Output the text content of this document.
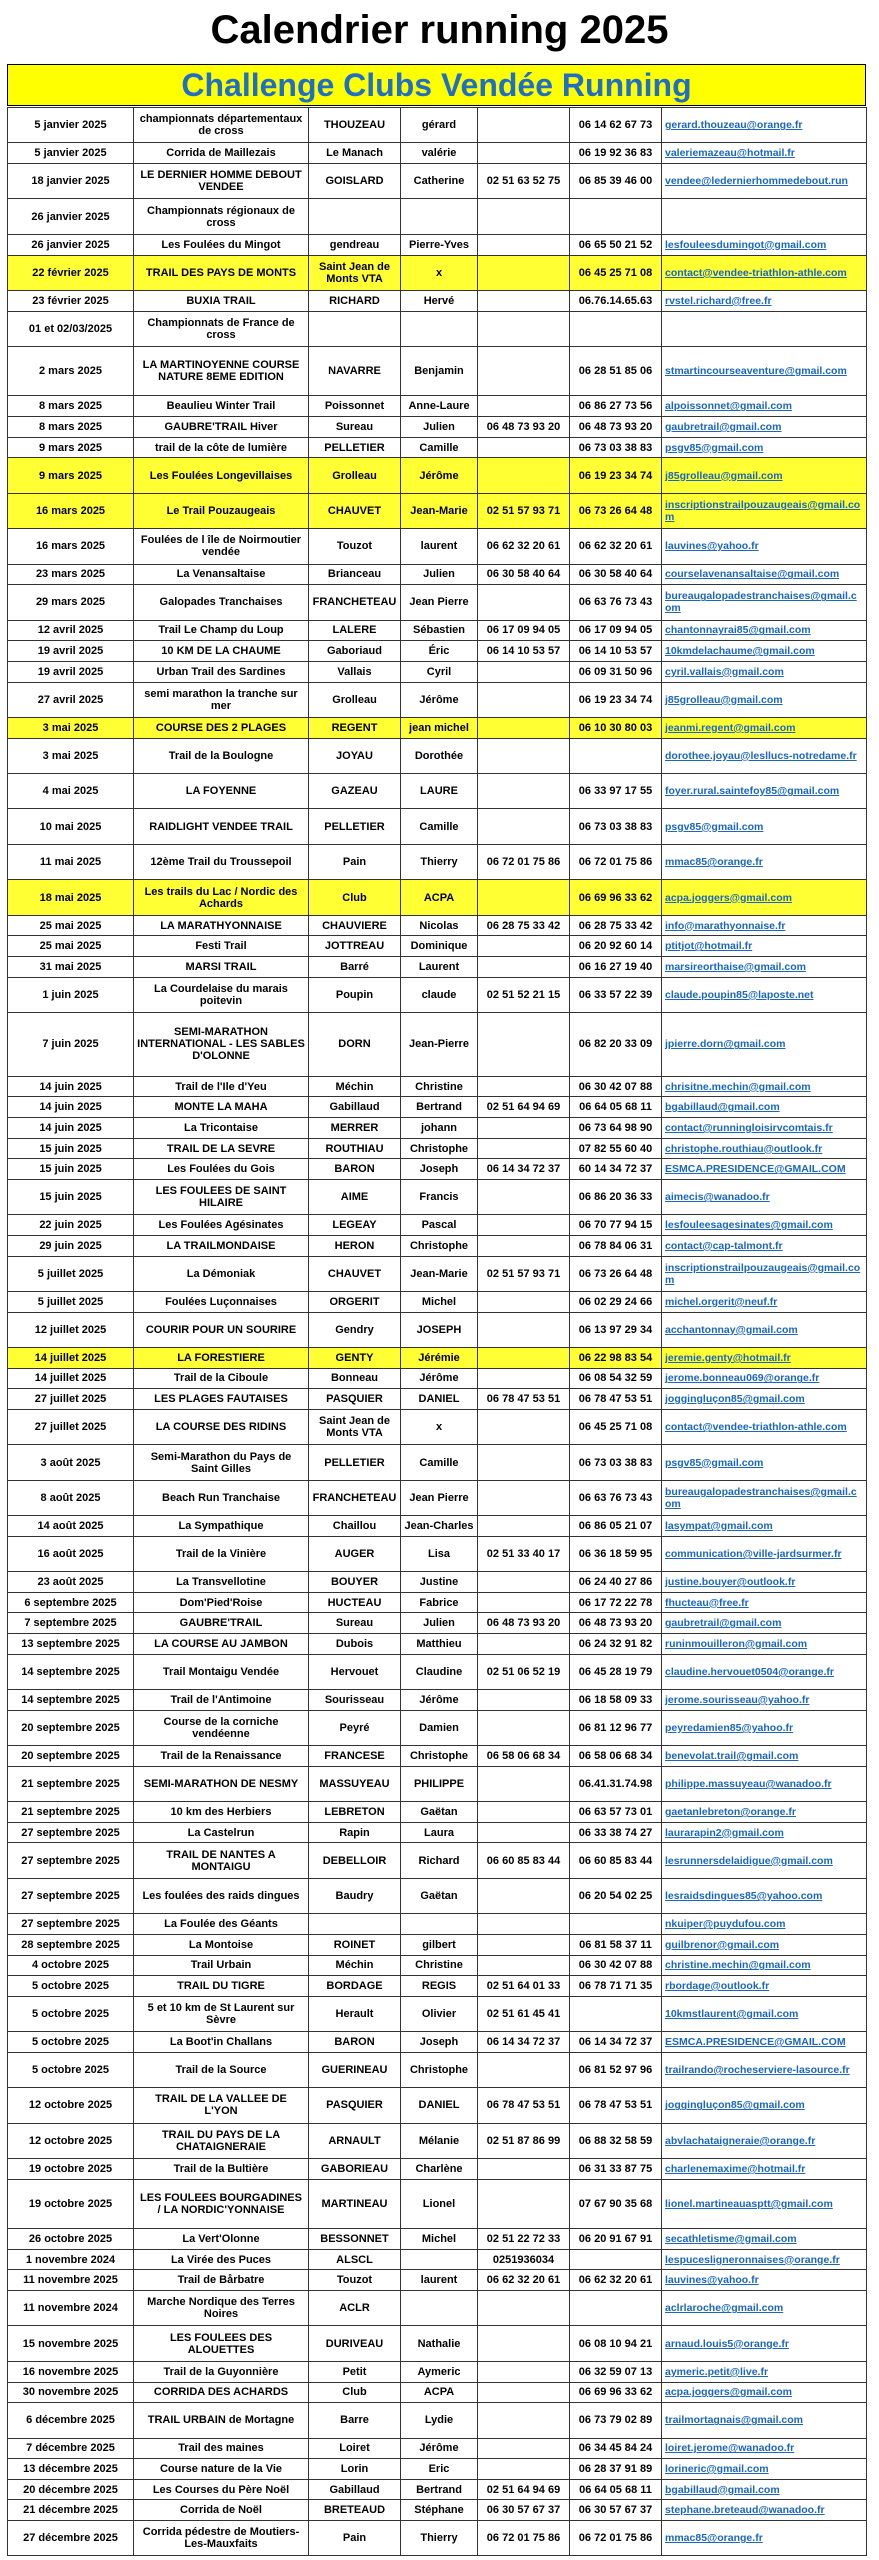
Calendrier running 2025
Challenge Clubs Vendée Running
5 janvier 2025	championnats départementaux de cross	THOUZEAU	gérard		06 14 62 67 73	gerard.thouzeau@orange.fr
5 janvier 2025	Corrida de Maillezais	Le Manach	valérie		06 19 92 36 83	valeriemazeau@hotmail.fr
18 janvier 2025	LE DERNIER HOMME DEBOUT VENDEE	GOISLARD	Catherine	02 51 63 52 75	06 85 39 46 00	vendee@ledernierhommedebout.run
26 janvier 2025	Championnats régionaux de cross					
26 janvier 2025	Les Foulées du Mingot	gendreau	Pierre-Yves		06 65 50 21 52	lesfouleesdumingot@gmail.com
22 février 2025	TRAIL DES PAYS DE MONTS	Saint Jean de Monts VTA	x		06 45 25 71 08	contact@vendee-triathlon-athle.com
23 février 2025	BUXIA TRAIL	RICHARD	Hervé		06.76.14.65.63	rvstel.richard@free.fr
01 et 02/03/2025	Championnats de France de cross					
2 mars 2025	LA MARTINOYENNE COURSE NATURE 8EME EDITION	NAVARRE	Benjamin		06 28 51 85 06	stmartincourseaventure@gmail.com
8 mars 2025	Beaulieu Winter Trail	Poissonnet	Anne-Laure		06 86 27 73 56	alpoissonnet@gmail.com
8 mars 2025	GAUBRE'TRAIL Hiver	Sureau	Julien	06 48 73 93 20	06 48 73 93 20	gaubretrail@gmail.com
9 mars 2025	trail de la côte de lumière	PELLETIER	Camille		06 73 03 38 83	psgv85@gmail.com
9 mars 2025	Les Foulées Longevillaises	Grolleau	Jérôme		06 19 23 34 74	j85grolleau@gmail.com
16 mars 2025	Le Trail Pouzaugeais	CHAUVET	Jean-Marie	02 51 57 93 71	06 73 26 64 48	inscriptionstrailpouzaugeais@gmail.com
16 mars 2025	Foulées de l île de Noirmoutier vendée	Touzot	laurent	06 62 32 20 61	06 62 32 20 61	lauvines@yahoo.fr
23 mars 2025	La Venansaltaise	Brianceau	Julien	06 30 58 40 64	06 30 58 40 64	courselavenansaltaise@gmail.com
29 mars 2025	Galopades Tranchaises	FRANCHETEAU	Jean Pierre		06 63 76 73 43	bureaugalopadestranchaises@gmail.com
12 avril 2025	Trail Le Champ du Loup	LALERE	Sébastien	06 17 09 94 05	06 17 09 94 05	chantonnayrai85@gmail.com
19 avril 2025	10 KM DE LA CHAUME	Gaboriaud	Éric	06 14 10 53 57	06 14 10 53 57	10kmdelachaume@gmail.com
19 avril 2025	Urban Trail des Sardines	Vallais	Cyril		06 09 31 50 96	cyril.vallais@gmail.com
27 avril 2025	semi marathon la tranche sur mer	Grolleau	Jérôme		06 19 23 34 74	j85grolleau@gmail.com
3 mai 2025	COURSE DES 2 PLAGES	REGENT	jean michel		06 10 30 80 03	jeanmi.regent@gmail.com
3 mai 2025	Trail de la Boulogne	JOYAU	Dorothée			dorothee.joyau@lesllucs-notredame.fr
4 mai 2025	LA FOYENNE	GAZEAU	LAURE		06 33 97 17 55	foyer.rural.saintefoy85@gmail.com
10 mai 2025	RAIDLIGHT VENDEE TRAIL	PELLETIER	Camille		06 73 03 38 83	psgv85@gmail.com
11 mai 2025	12ème Trail du Troussepoil	Pain	Thierry	06 72 01 75 86	06 72 01 75 86	mmac85@orange.fr
18 mai 2025	Les trails du Lac / Nordic des Achards	Club	ACPA		06 69 96 33 62	acpa.joggers@gmail.com
25 mai 2025	LA MARATHYONNAISE	CHAUVIERE	Nicolas	06 28 75 33 42	06 28 75 33 42	info@marathyonnaise.fr
25 mai 2025	Festi Trail	JOTTREAU	Dominique		06 20 92 60 14	ptitjot@hotmail.fr
31 mai 2025	MARSI TRAIL	Barré	Laurent		06 16 27 19 40	marsireorthaise@gmail.com
1 juin 2025	La Courdelaise du marais poitevin	Poupin	claude	02 51 52 21 15	06 33 57 22 39	claude.poupin85@laposte.net
7 juin 2025	SEMI-MARATHON INTERNATIONAL - LES SABLES D'OLONNE	DORN	Jean-Pierre		06 82 20 33 09	jpierre.dorn@gmail.com
14 juin 2025	Trail de l'Ile d'Yeu	Méchin	Christine		06 30 42 07 88	chrisitne.mechin@gmail.com
14 juin 2025	MONTE LA MAHA	Gabillaud	Bertrand	02 51 64 94 69	06 64 05 68 11	bgabillaud@gmail.com
14 juin 2025	La Tricontaise	MERRER	johann		06 73 64 98 90	contact@runningloisirvcomtais.fr
15 juin 2025	TRAIL DE LA SEVRE	ROUTHIAU	Christophe		07 82 55 60 40	christophe.routhiau@outlook.fr
15 juin 2025	Les Foulées du Gois	BARON	Joseph	06 14 34 72 37	60 14 34 72 37	ESMCA.PRESIDENCE@GMAIL.COM
15 juin 2025	LES FOULEES DE SAINT HILAIRE	AIME	Francis		06 86 20 36 33	aimecis@wanadoo.fr
22 juin 2025	Les Foulées Agésinates	LEGEAY	Pascal		06 70 77 94 15	lesfouleesagesinates@gmail.com
29 juin 2025	LA TRAILMONDAISE	HERON	Christophe		06 78 84 06 31	contact@cap-talmont.fr
5 juillet 2025	La Démoniak	CHAUVET	Jean-Marie	02 51 57 93 71	06 73 26 64 48	inscriptionstrailpouzaugeais@gmail.com
5 juillet 2025	Foulées Luçonnaises	ORGERIT	Michel		06 02 29 24 66	michel.orgerit@neuf.fr
12 juillet 2025	COURIR POUR UN SOURIRE	Gendry	JOSEPH		06 13 97 29 34	acchantonnay@gmail.com
14 juillet 2025	LA FORESTIERE	GENTY	Jérémie		06 22 98 83 54	jeremie.genty@hotmail.fr
14 juillet 2025	Trail de la Ciboule	Bonneau	Jérôme		06 08 54 32 59	jerome.bonneau069@orange.fr
27 juillet 2025	LES PLAGES FAUTAISES	PASQUIER	DANIEL	06 78 47 53 51	06 78 47 53 51	joggingluçon85@gmail.com
27 juillet 2025	LA COURSE DES RIDINS	Saint Jean de Monts VTA	x		06 45 25 71 08	contact@vendee-triathlon-athle.com
3 août 2025	Semi-Marathon du Pays de Saint Gilles	PELLETIER	Camille		06 73 03 38 83	psgv85@gmail.com
8 août 2025	Beach Run Tranchaise	FRANCHETEAU	Jean Pierre		06 63 76 73 43	bureaugalopadestranchaises@gmail.com
14 août 2025	La Sympathique	Chaillou	Jean-Charles		06 86 05 21 07	lasympat@gmail.com
16 août 2025	Trail de la Vinière	AUGER	Lisa	02 51 33 40 17	06 36 18 59 95	communication@ville-jardsurmer.fr
23 août 2025	La Transvellotine	BOUYER	Justine		06 24 40 27 86	justine.bouyer@outlook.fr
6 septembre 2025	Dom'Pied'Roise	HUCTEAU	Fabrice		06 17 72 22 78	fhucteau@free.fr
7 septembre 2025	GAUBRE'TRAIL	Sureau	Julien	06 48 73 93 20	06 48 73 93 20	gaubretrail@gmail.com
13 septembre 2025	LA COURSE AU JAMBON	Dubois	Matthieu		06 24 32 91 82	runinmouilleron@gmail.com
14 septembre 2025	Trail Montaigu Vendée	Hervouet	Claudine	02 51 06 52 19	06 45 28 19 79	claudine.hervouet0504@orange.fr
14 septembre 2025	Trail de l'Antimoine	Sourisseau	Jérôme		06 18 58 09 33	jerome.sourisseau@yahoo.fr
20 septembre 2025	Course de la corniche vendéenne	Peyré	Damien		06 81 12 96 77	peyredamien85@yahoo.fr
20 septembre 2025	Trail de la Renaissance	FRANCESE	Christophe	06 58 06 68 34	06 58 06 68 34	benevolat.trail@gmail.com
21 septembre 2025	SEMI-MARATHON DE NESMY	MASSUYEAU	PHILIPPE		06.41.31.74.98	philippe.massuyeau@wanadoo.fr
21 septembre 2025	10 km des Herbiers	LEBRETON	Gaëtan		06 63 57 73 01	gaetanlebreton@orange.fr
27 septembre 2025	La Castelrun	Rapin	Laura		06 33 38 74 27	laurarapin2@gmail.com
27 septembre 2025	TRAIL DE NANTES A MONTAIGU	DEBELLOIR	Richard	06 60 85 83 44	06 60 85 83 44	lesrunnersdelaidigue@gmail.com
27 septembre 2025	Les foulées des raids dingues	Baudry	Gaëtan		06 20 54 02 25	lesraidsdingues85@yahoo.com
27 septembre 2025	La Foulée des Géants					nkuiper@puydufou.com
28 septembre 2025	La Montoise	ROINET	gilbert		06 81 58 37 11	guilbrenor@gmail.com
4 octobre 2025	Trail Urbain	Méchin	Christine		06 30 42 07 88	christine.mechin@gmail.com
5 octobre 2025	TRAIL DU TIGRE	BORDAGE	REGIS	02 51 64 01 33	06 78 71 71 35	rbordage@outlook.fr
5 octobre 2025	5 et 10 km de St Laurent sur Sèvre	Herault	Olivier	02 51 61 45 41		10kmstlaurent@gmail.com
5 octobre 2025	La Boot'in Challans	BARON	Joseph	06 14 34 72 37	06 14 34 72 37	ESMCA.PRESIDENCE@GMAIL.COM
5 octobre 2025	Trail de la Source	GUERINEAU	Christophe		06 81 52 97 96	trailrando@rocheserviere-lasource.fr
12 octobre 2025	TRAIL DE LA VALLEE DE L'YON	PASQUIER	DANIEL	06 78 47 53 51	06 78 47 53 51	joggingluçon85@gmail.com
12 octobre 2025	TRAIL DU PAYS DE LA CHATAIGNERAIE	ARNAULT	Mélanie	02 51 87 86 99	06 88 32 58 59	abvlachataigneraie@orange.fr
19 octobre 2025	Trail de la Bultière	GABORIEAU	Charlène		06 31 33 87 75	charlenemaxime@hotmail.fr
19 octobre 2025	LES FOULEES BOURGADINES / LA NORDIC'YONNAISE	MARTINEAU	Lionel		07 67 90 35 68	lionel.martineauasptt@gmail.com
26 octobre 2025	La Vert'Olonne	BESSONNET	Michel	02 51 22 72 33	06 20 91 67 91	secathletisme@gmail.com
1 novembre 2024	La Virée des Puces	ALSCL		0251936034		lespucesligneronnaises@orange.fr
11 novembre 2025	Trail de Bårbatre	Touzot	laurent	06 62 32 20 61	06 62 32 20 61	lauvines@yahoo.fr
11 novembre 2024	Marche Nordique des Terres Noires	ACLR				aclrlaroche@gmail.com
15 novembre 2025	LES FOULEES DES ALOUETTES	DURIVEAU	Nathalie		06 08 10 94 21	arnaud.louis5@orange.fr
16 novembre 2025	Trail de la Guyonnière	Petit	Aymeric		06 32 59 07 13	aymeric.petit@live.fr
30 novembre 2025	CORRIDA DES ACHARDS	Club	ACPA		06 69 96 33 62	acpa.joggers@gmail.com
6 décembre 2025	TRAIL URBAIN de Mortagne	Barre	Lydie		06 73 79 02 89	trailmortagnais@gmail.com
7 décembre 2025	Trail des maines	Loiret	Jérôme		06 34 45 84 24	loiret.jerome@wanadoo.fr
13 décembre 2025	Course nature de la Vie	Lorin	Eric		06 28 37 91 89	lorineric@gmail.com
20 décembre 2025	Les Courses du Père Noël	Gabillaud	Bertrand	02 51 64 94 69	06 64 05 68 11	bgabillaud@gmail.com
21 décembre 2025	Corrida de Noël	BRETEAUD	Stéphane	06 30 57 67 37	06 30 57 67 37	stephane.breteaud@wanadoo.fr
27 décembre 2025	Corrida pédestre de Moutiers-Les-Mauxfaits	Pain	Thierry	06 72 01 75 86	06 72 01 75 86	mmac85@orange.fr
